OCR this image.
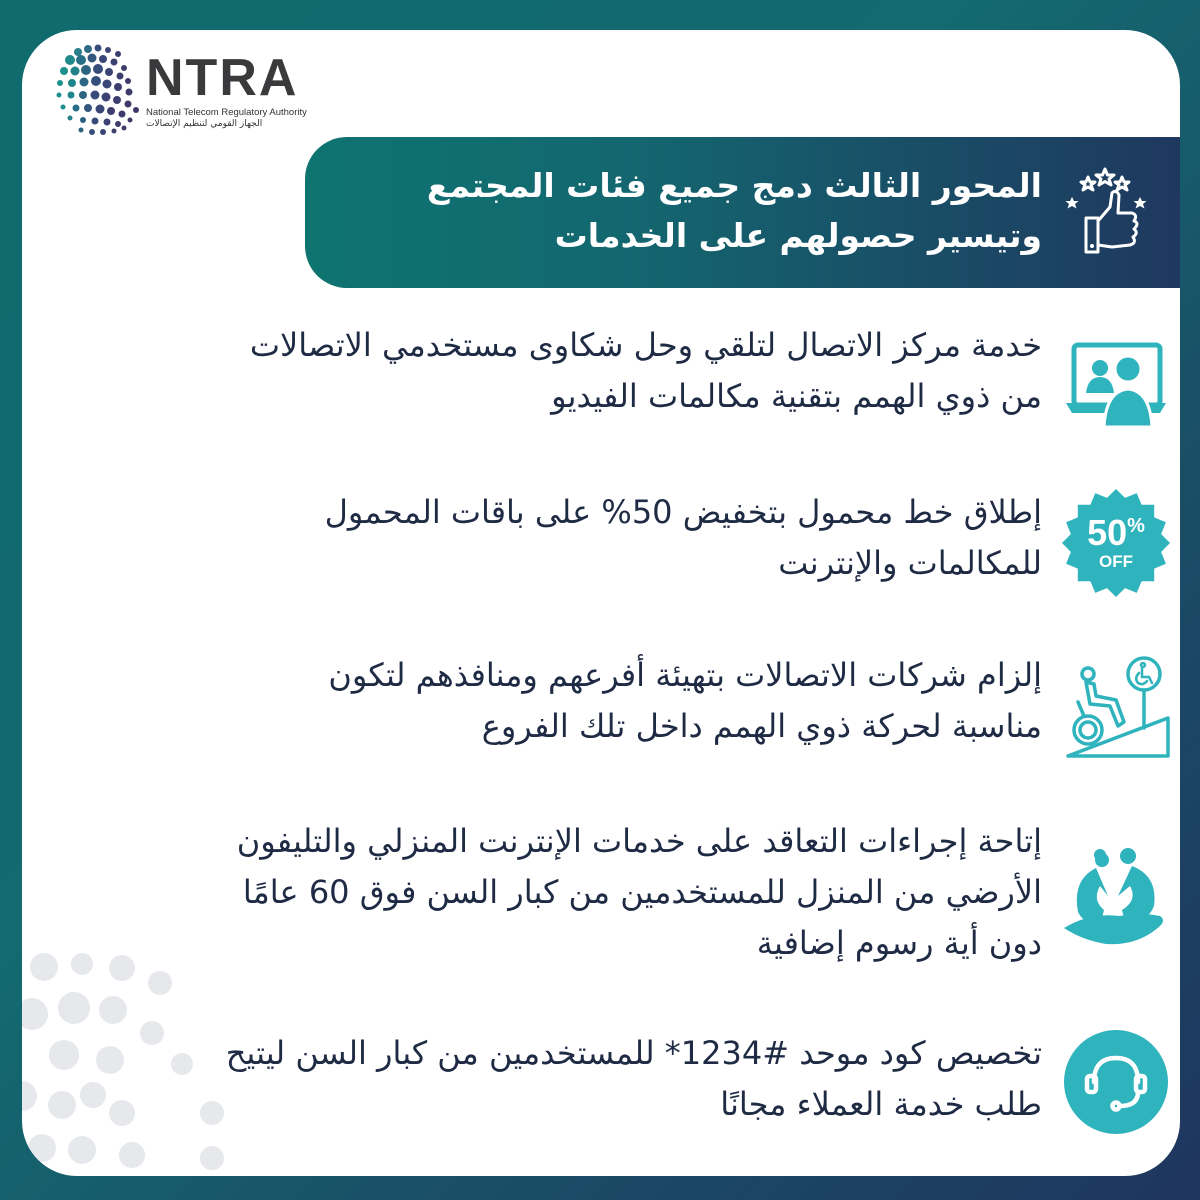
NTRA
National Telecom Regulatory Authority
الجهاز القومي لتنظيم الإتصالات
المحور الثالث دمج جميع فئات المجتمع
وتيسير حصولهم على الخدمات
خدمة مركز الاتصال لتلقي وحل شكاوى مستخدمي الاتصالات
من ذوي الهمم بتقنية مكالمات الفيديو
إطلاق خط محمول بتخفيض 50% على باقات المحمول
للمكالمات والإنترنت
50%
OFF
إلزام شركات الاتصالات بتهيئة أفرعهم ومنافذهم لتكون
مناسبة لحركة ذوي الهمم داخل تلك الفروع
إتاحة إجراءات التعاقد على خدمات الإنترنت المنزلي والتليفون
الأرضي من المنزل للمستخدمين من كبار السن فوق 60 عامًا
دون أية رسوم إضافية
تخصيص كود موحد #1234* للمستخدمين من كبار السن ليتيح
طلب خدمة العملاء مجانًا
